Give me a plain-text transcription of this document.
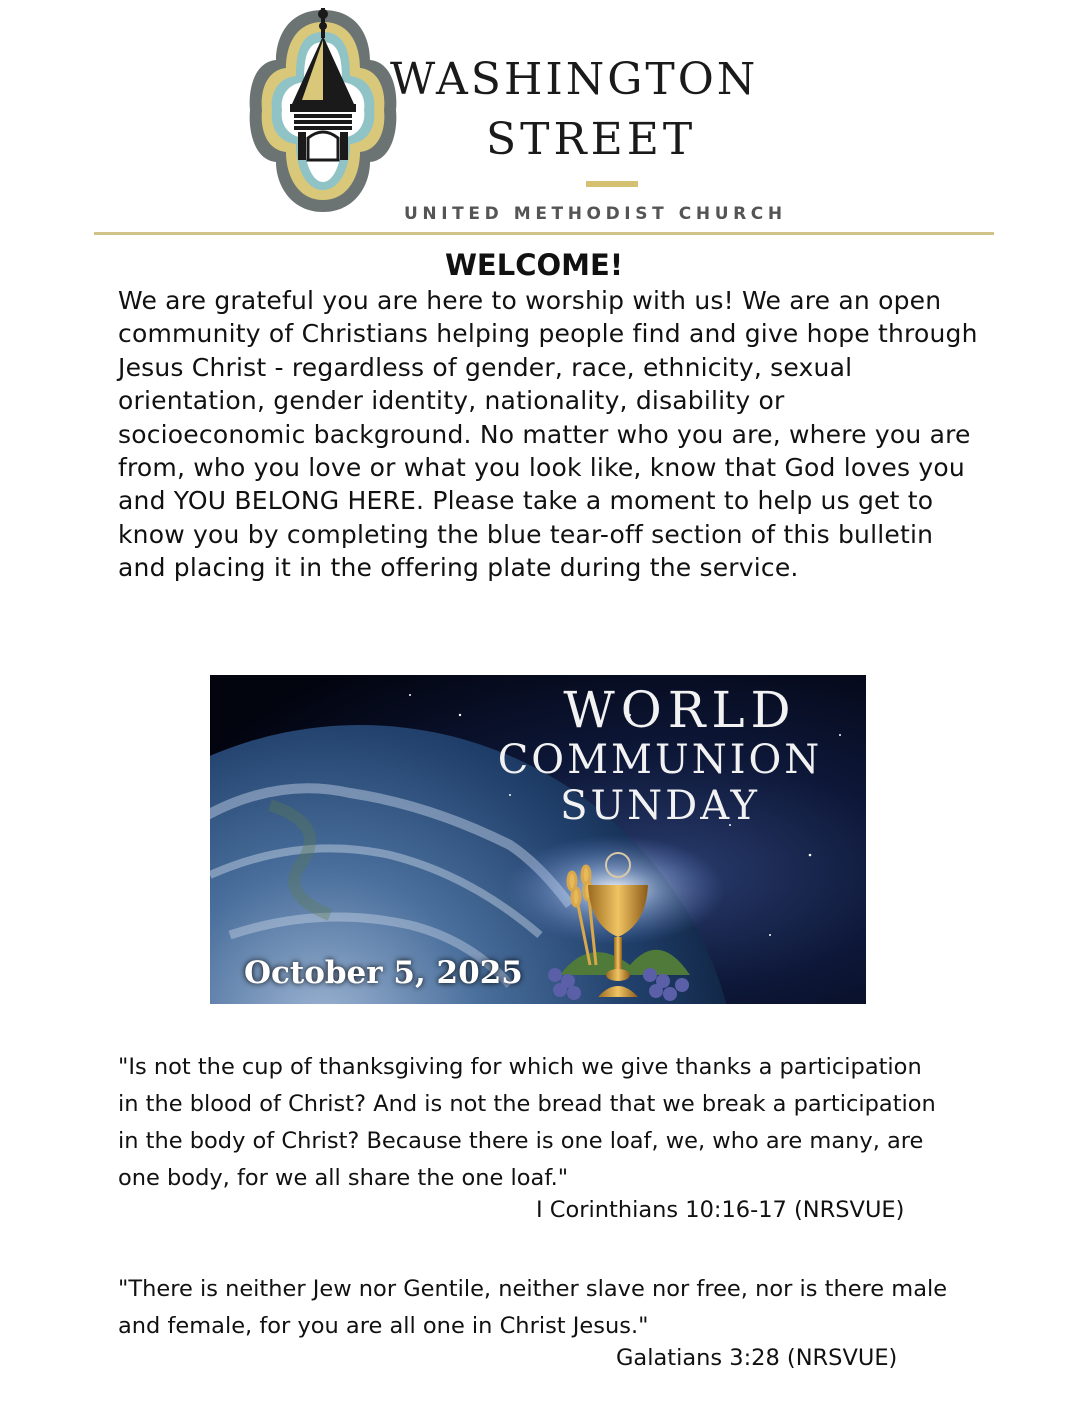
WASHINGTON
STREET
UNITED METHODIST CHURCH
WELCOME!

We are grateful you are here to worship with us! We are an open community of Christians helping people find and give hope through Jesus Christ - regardless of gender, race, ethnicity, sexual orientation, gender identity, nationality, disability or socioeconomic background. No matter who you are, where you are from, who you love or what you look like, know that God loves you and YOU BELONG HERE. Please take a moment to help us get to know you by completing the blue tear-off section of this bulletin and placing it in the offering plate during the service.

WORLD
COMMUNION
SUNDAY
October 5, 2025

"Is not the cup of thanksgiving for which we give thanks a participation in the blood of Christ? And is not the bread that we break a participation in the body of Christ? Because there is one loaf, we, who are many, are one body, for we all share the one loaf."

I Corinthians 10:16-17 (NRSVUE)

"There is neither Jew nor Gentile, neither slave nor free, nor is there male and female, for you are all one in Christ Jesus."

Galatians 3:28 (NRSVUE)
